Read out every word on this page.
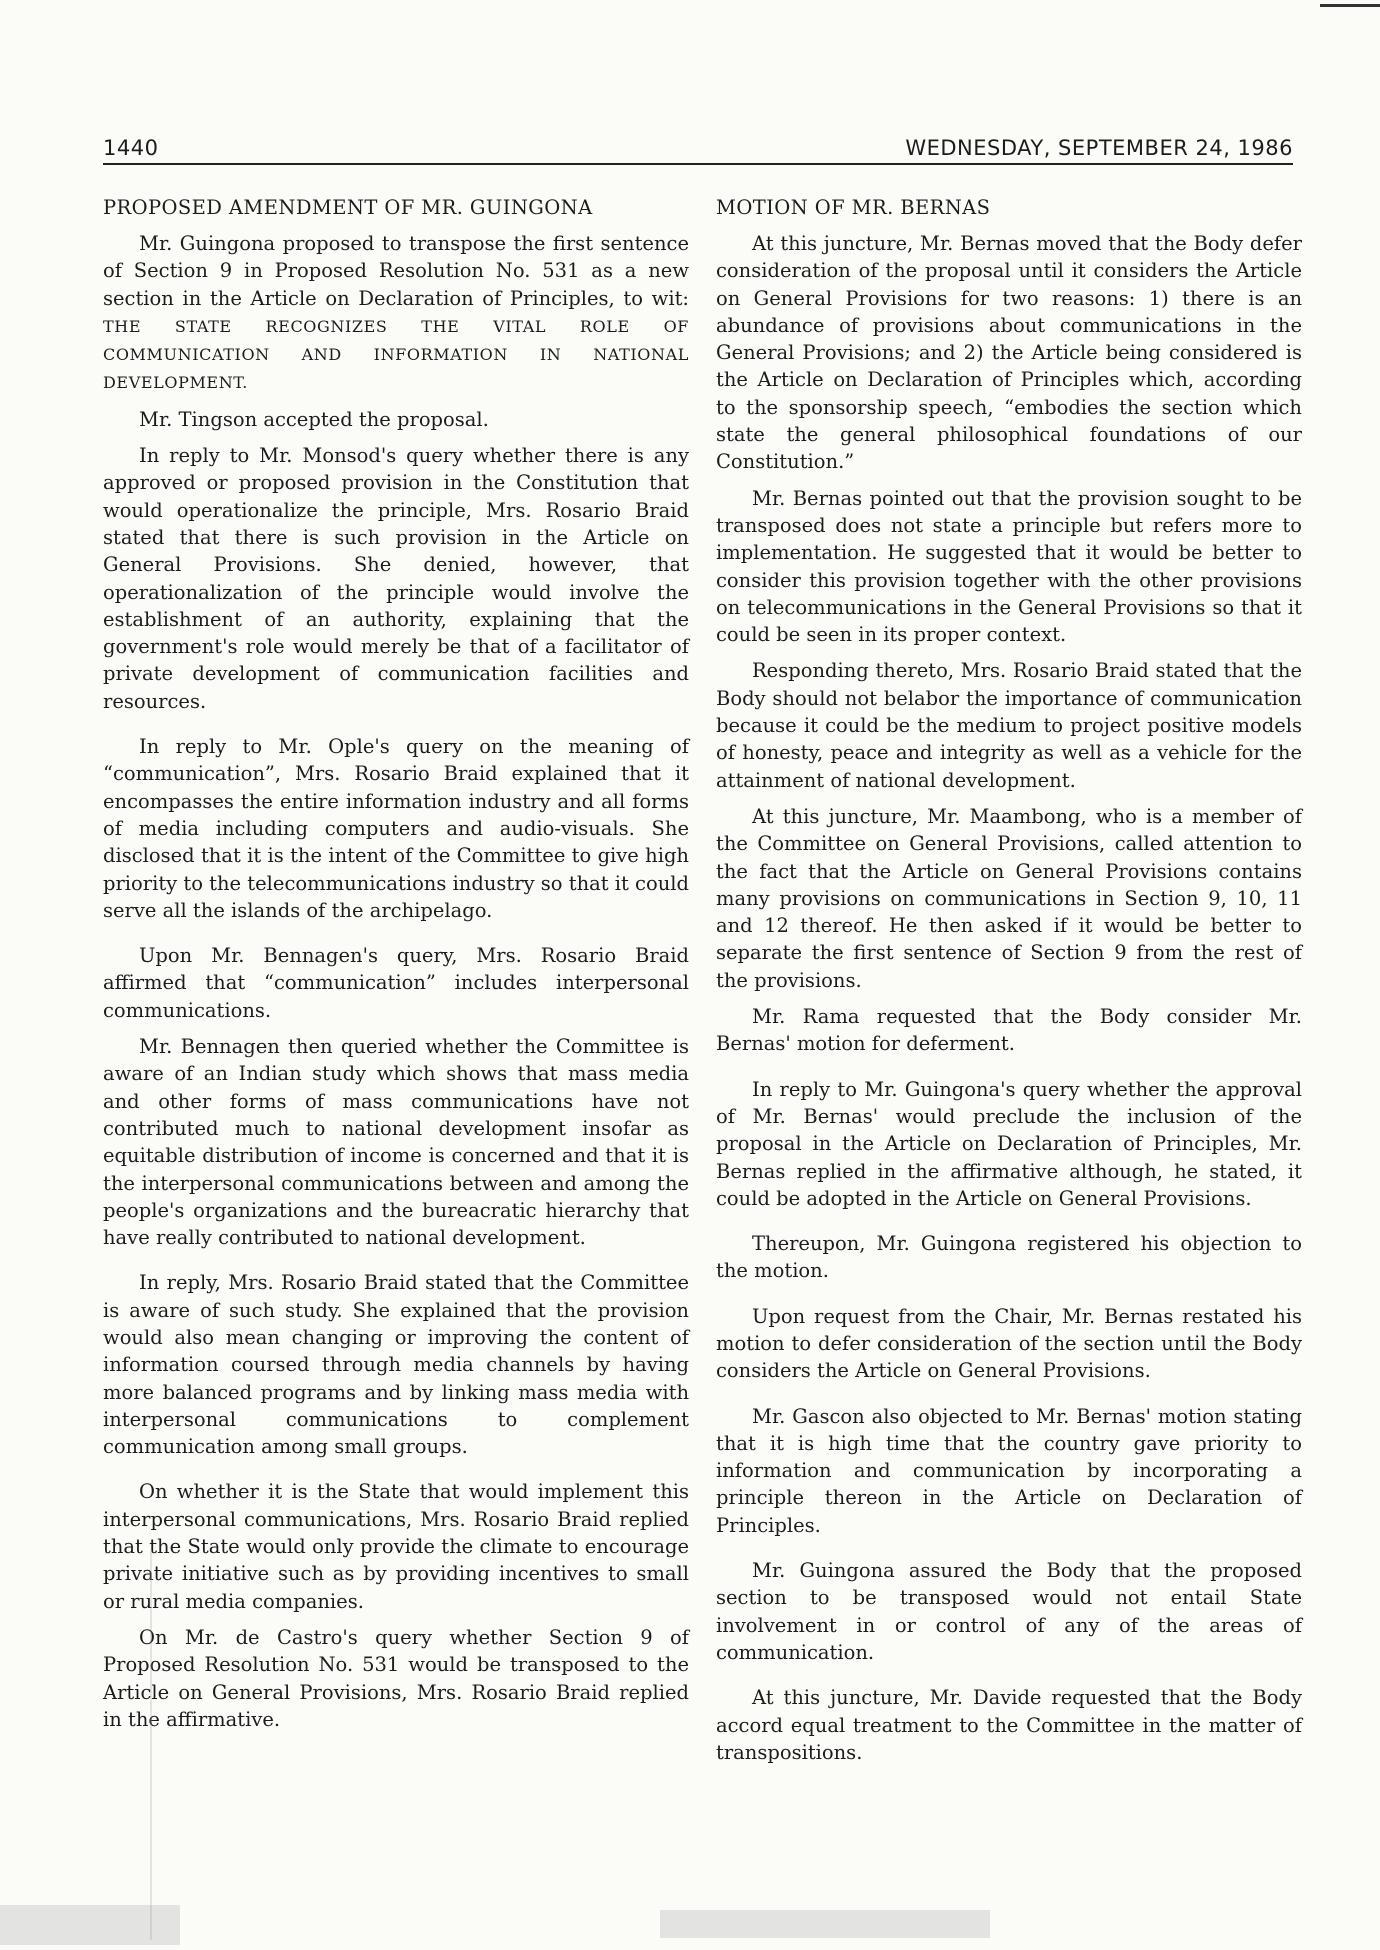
1440	WEDNESDAY, SEPTEMBER 24, 1986
PROPOSED AMENDMENT OF MR. GUINGONA

Mr. Guingona proposed to transpose the first sentence of Section 9 in Proposed Resolution No. 531 as a new section in the Article on Declaration of Principles, to wit: THE STATE RECOGNIZES THE VITAL ROLE OF COMMUNICATION AND INFORMATION IN NATIONAL DEVELOPMENT.

Mr. Tingson accepted the proposal.

In reply to Mr. Monsod's query whether there is any approved or proposed provision in the Constitution that would operationalize the principle, Mrs. Rosario Braid stated that there is such provision in the Article on General Provisions. She denied, however, that operationalization of the principle would involve the establishment of an authority, explaining that the government's role would merely be that of a facilitator of private development of communication facilities and resources.

In reply to Mr. Ople's query on the meaning of “communication”, Mrs. Rosario Braid explained that it encompasses the entire information industry and all forms of media including computers and audio-visuals. She disclosed that it is the intent of the Committee to give high priority to the telecommunications industry so that it could serve all the islands of the archipelago.

Upon Mr. Bennagen's query, Mrs. Rosario Braid affirmed that “communication” includes interpersonal communications.

Mr. Bennagen then queried whether the Committee is aware of an Indian study which shows that mass media and other forms of mass communications have not contributed much to national development insofar as equitable distribution of income is concerned and that it is the interpersonal communications between and among the people's organizations and the bureacratic hierarchy that have really contributed to national development.

In reply, Mrs. Rosario Braid stated that the Committee is aware of such study. She explained that the provision would also mean changing or improving the content of information coursed through media channels by having more balanced programs and by linking mass media with interpersonal communications to complement communication among small groups.

On whether it is the State that would implement this interpersonal communications, Mrs. Rosario Braid replied that the State would only provide the climate to encourage private initiative such as by providing incentives to small or rural media companies.

On Mr. de Castro's query whether Section 9 of Proposed Resolution No. 531 would be transposed to the Article on General Provisions, Mrs. Rosario Braid replied in the affirmative.

MOTION OF MR. BERNAS

At this juncture, Mr. Bernas moved that the Body defer consideration of the proposal until it considers the Article on General Provisions for two reasons: 1) there is an abundance of provisions about communications in the General Provisions; and 2) the Article being considered is the Article on Declaration of Principles which, according to the sponsorship speech, “embodies the section which state the general philosophical foundations of our Constitution.”

Mr. Bernas pointed out that the provision sought to be transposed does not state a principle but refers more to implementation. He suggested that it would be better to consider this provision together with the other provisions on telecommunications in the General Provisions so that it could be seen in its proper context.

Responding thereto, Mrs. Rosario Braid stated that the Body should not belabor the importance of communication because it could be the medium to project positive models of honesty, peace and integrity as well as a vehicle for the attainment of national development.

At this juncture, Mr. Maambong, who is a member of the Committee on General Provisions, called attention to the fact that the Article on General Provisions contains many provisions on communications in Section 9, 10, 11 and 12 thereof. He then asked if it would be better to separate the first sentence of Section 9 from the rest of the provisions.

Mr. Rama requested that the Body consider Mr. Bernas' motion for deferment.

In reply to Mr. Guingona's query whether the approval of Mr. Bernas' would preclude the inclusion of the proposal in the Article on Declaration of Principles, Mr. Bernas replied in the affirmative although, he stated, it could be adopted in the Article on General Provisions.

Thereupon, Mr. Guingona registered his objection to the motion.

Upon request from the Chair, Mr. Bernas restated his motion to defer consideration of the section until the Body considers the Article on General Provisions.

Mr. Gascon also objected to Mr. Bernas' motion stating that it is high time that the country gave priority to information and communication by incorporating a principle thereon in the Article on Declaration of Principles.

Mr. Guingona assured the Body that the proposed section to be transposed would not entail State involvement in or control of any of the areas of communication.

At this juncture, Mr. Davide requested that the Body accord equal treatment to the Committee in the matter of transpositions.
